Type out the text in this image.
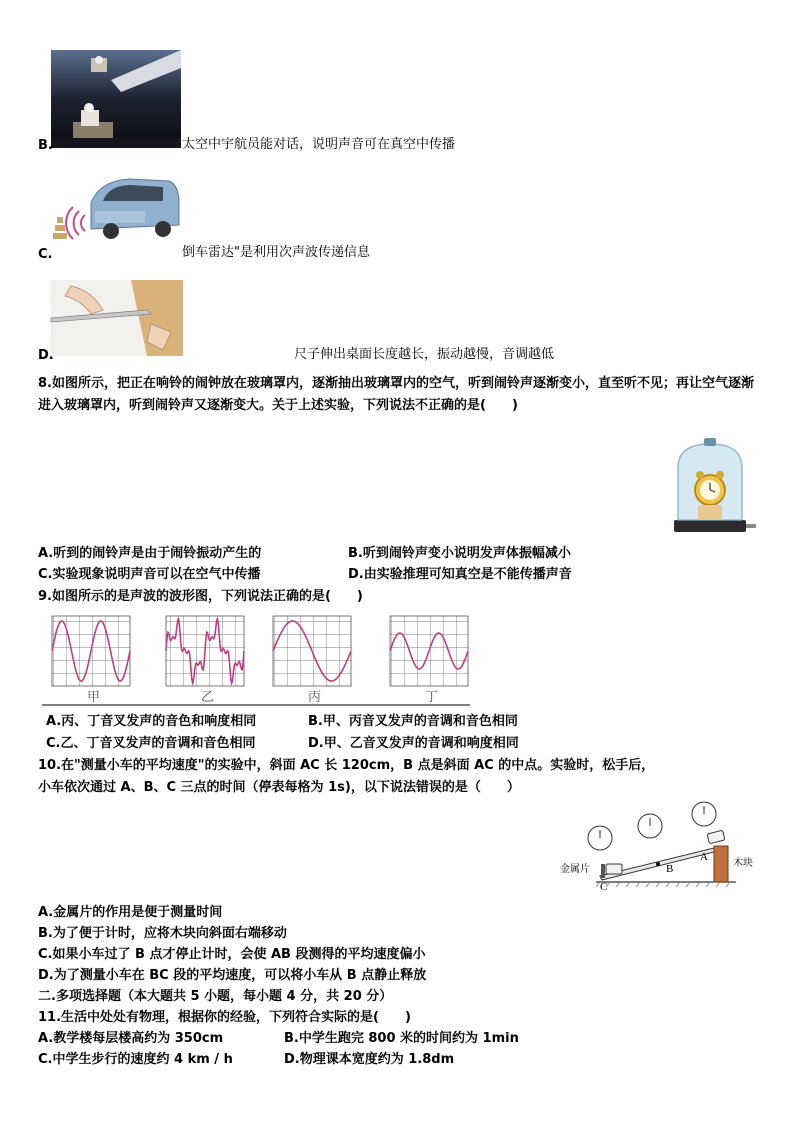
B.	太空中宇航员能对话，说明声音可在真空中传播
C.	倒车雷达"是利用次声波传递信息
D.	尺子伸出桌面长度越长，振动越慢，音调越低
8.如图所示，把正在响铃的闹钟放在玻璃罩内，逐渐抽出玻璃罩内的空气，听到闹铃声逐渐变小，直至听不见；再让空气逐渐进入玻璃罩内，听到闹铃声又逐渐变大。关于上述实验，下列说法不正确的是(　　)
A.听到的闹铃声是由于闹铃振动产生的	B.听到闹铃声变小说明发声体振幅减小
C.实验现象说明声音可以在空气中传播	D.由实验推理可知真空是不能传播声音
9.如图所示的是声波的波形图，下列说法正确的是(　　)
甲	乙	丙	丁
A.丙、丁音叉发声的音色和响度相同	B.甲、丙音叉发声的音调和音色相同
C.乙、丁音叉发声的音调和音色相同	D.甲、乙音叉发声的音调和响度相同
10.在"测量小车的平均速度"的实验中，斜面 AC 长 120cm，B 点是斜面 AC 的中点。实验时，松手后，
小车依次通过 A、B、C 三点的时间（停表每格为 1s)，以下说法错误的是（　　）
金属片
木块
A
B
C
A.金属片的作用是便于测量时间
B.为了便于计时，应将木块向斜面右端移动
C.如果小车过了 B 点才停止计时，会使 AB 段测得的平均速度偏小
D.为了测量小车在 BC 段的平均速度，可以将小车从 B 点静止释放
二.多项选择题（本大题共 5 小题，每小题 4 分，共 20 分）
11.生活中处处有物理，根据你的经验，下列符合实际的是(　　)
A.教学楼每层楼高约为 350cm	B.中学生跑完 800 米的时间约为 1min
C.中学生步行的速度约 4 km / h	D.物理课本宽度约为 1.8dm
